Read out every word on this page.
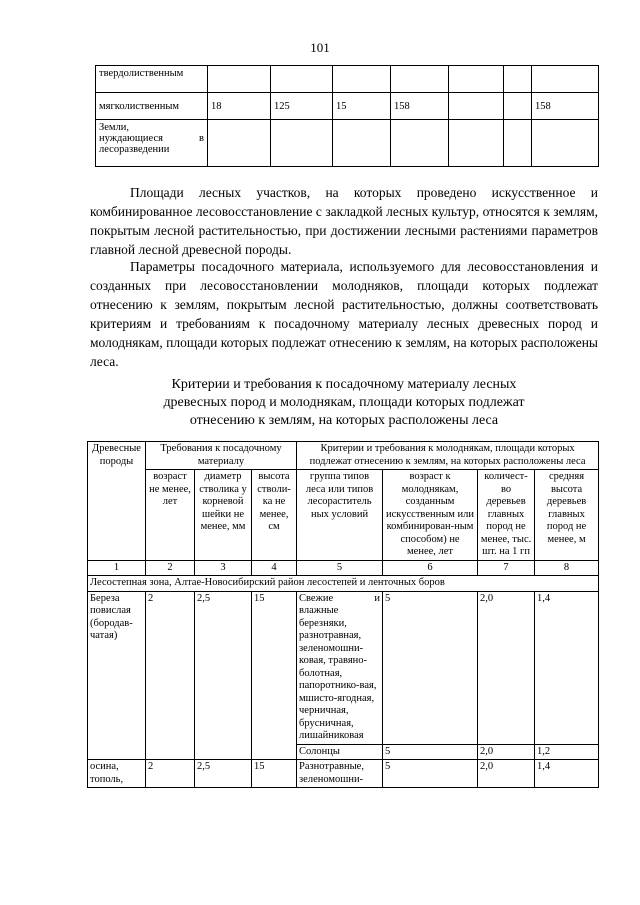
101
твердолиственным							
мягколиственным	18	125	15	158			158

Земли,
нуждающиеся в
лесоразведении							

Площади лесных участков, на которых проведено искусственное и комбинированное лесовосстановление с закладкой лесных культур, относятся к землям, покрытым лесной растительностью, при достижении лесными растениями параметров главной лесной древесной породы.
Параметры посадочного материала, используемого для лесовосстановления и созданных при лесовосстановлении молодняков, площади которых подлежат отнесению к землям, покрытым лесной растительностью, должны соответствовать критериям и требованиям к посадочному материалу лесных древесных пород и молоднякам, площади которых подлежат отнесению к землям, на которых расположены леса.
Критерии и требования к посадочному материалу лесных
древесных пород и молоднякам, площади которых подлежат
отнесению к землям, на которых расположены леса
Древесные породы	Требования к посадочному материалу			Критерии и требования к молоднякам, площади которых подлежат отнесению к землям, на которых расположены леса			
	возраст не менее, лет	диаметр стволика у корневой шейки не менее, мм	высота стволи-ка не менее, см	группа типов леса или типов лесораститель ных условий	возраст к молоднякам, созданным искусственным или комбинирован-ным способом) не менее, лет	количест-во деревьев главных пород не менее, тыс. шт. на 1 гп	средняя высота деревьев главных пород не менее, м
1	2	3	4	5	6	7	8
Лесостепная зона, Алтае-Новосибирский район лесостепей и ленточных боров							
Береза повислая (бородав-чатая)	2	2,5	15	Свежие и
влажные березняки, разнотравная, зеленомошни-ковая, травяно-болотная, папоротнико-вая, мшисто-ягодная, черничная, брусничная, лишайниковая	5	2,0	1,4
				Солонцы	5	2,0	1,2
осина, тополь,	2	2,5	15	Разнотравные, зеленомошни-	5	2,0	1,4
